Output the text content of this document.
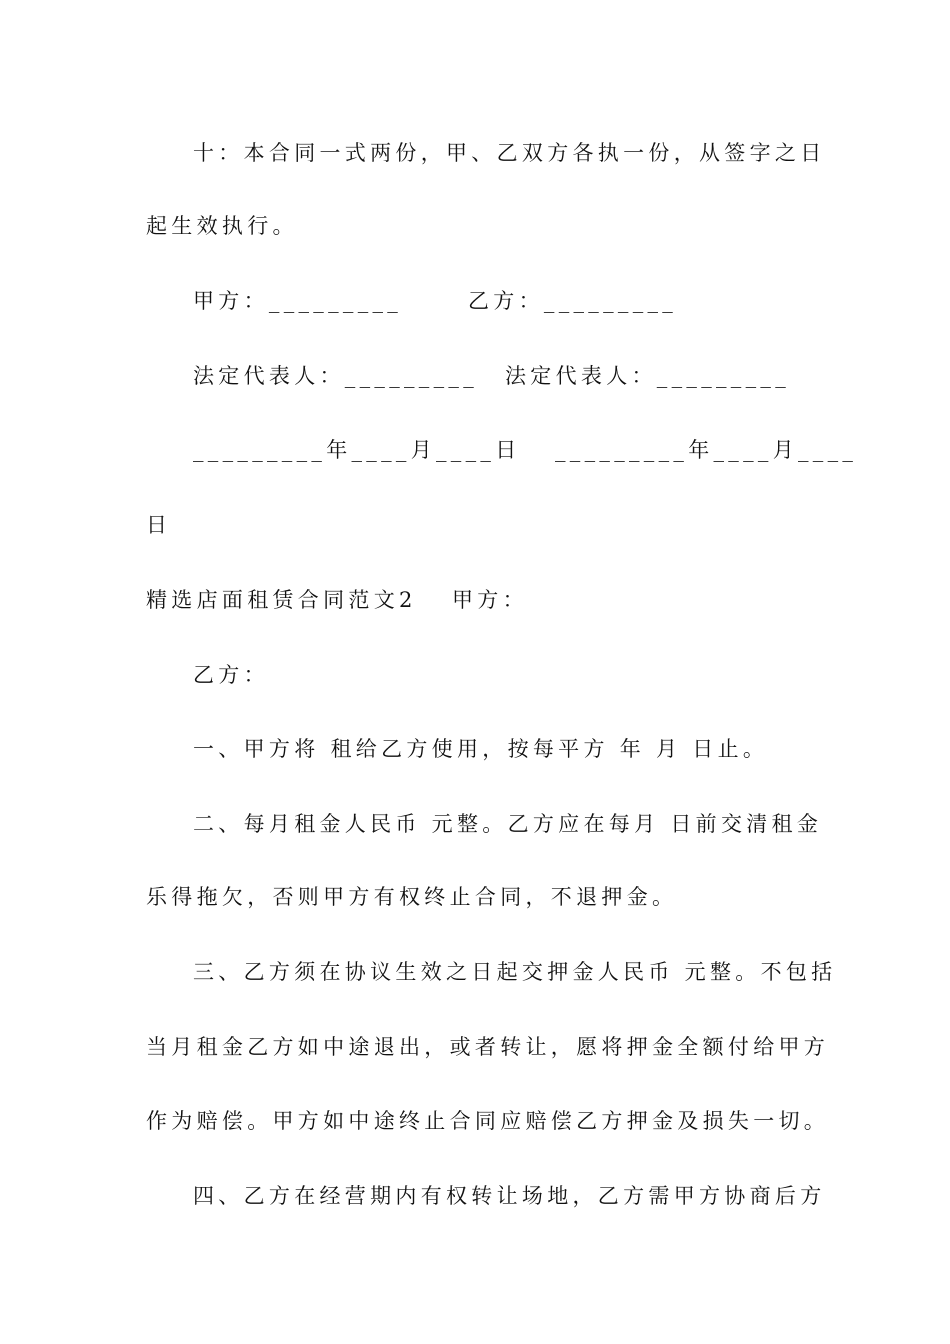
十：本合同一式两份，甲、乙双方各执一份，从签字之日
起生效执行。
甲方：_________	乙方：_________
法定代表人：_________ 法定代表人：_________
_________年____月____日 _________年____月____
日
精选店面租赁合同范文2 甲方：
乙方：
一、甲方将 租给乙方使用，按每平方 年 月 日止。
二、每月租金人民币 元整。乙方应在每月 日前交清租金
乐得拖欠，否则甲方有权终止合同，不退押金。
三、乙方须在协议生效之日起交押金人民币 元整。不包括
当月租金乙方如中途退出，或者转让，愿将押金全额付给甲方
作为赔偿。甲方如中途终止合同应赔偿乙方押金及损失一切。
四、乙方在经营期内有权转让场地，乙方需甲方协商后方
